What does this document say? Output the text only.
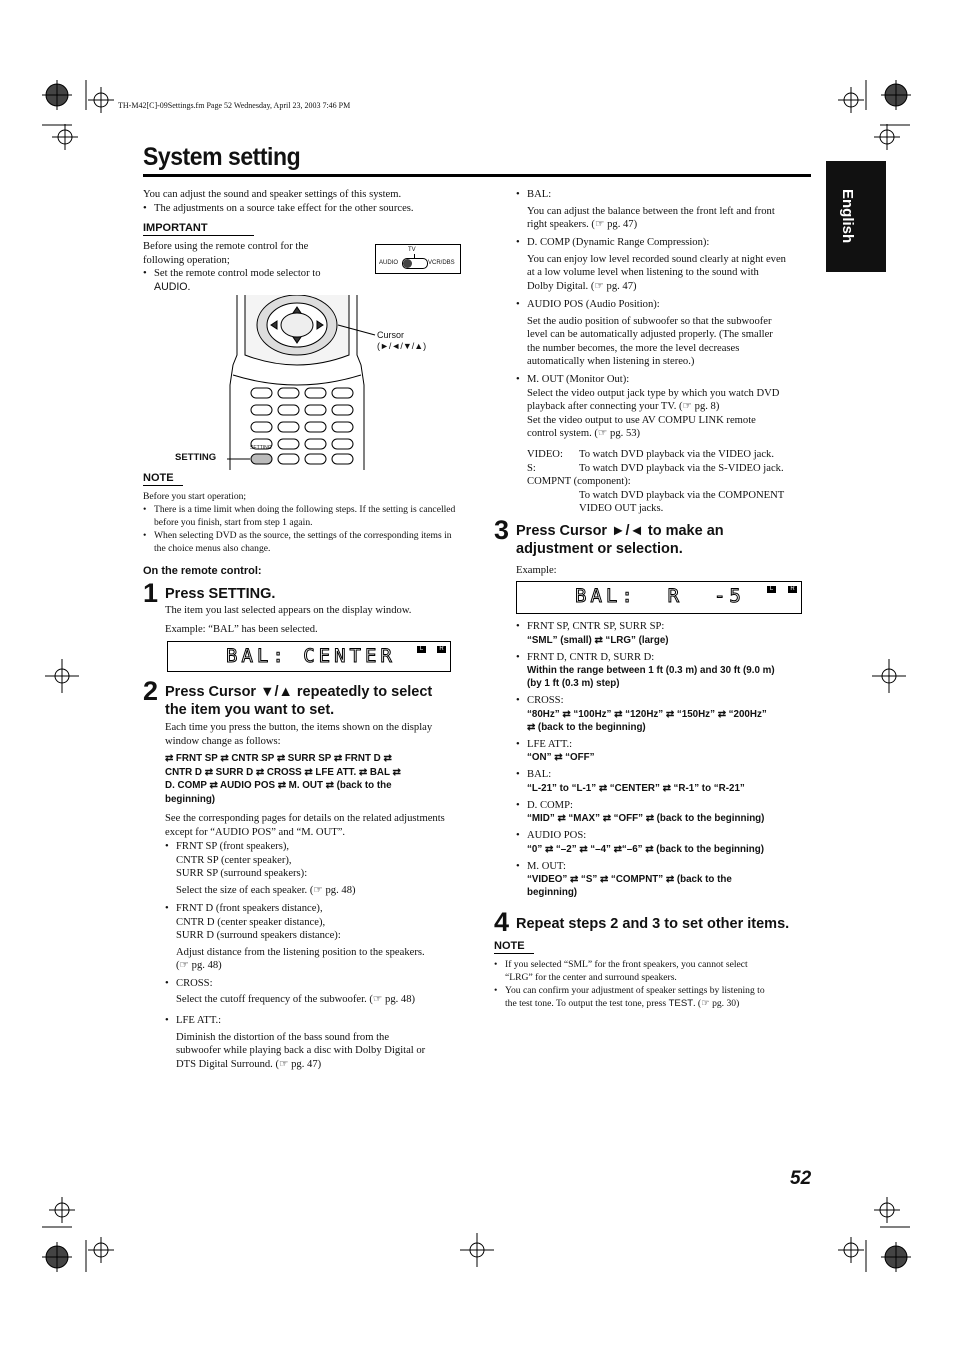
TH-M42[C]-09Settings.fm Page 52 Wednesday, April 23, 2003 7:46 PM
System setting
English
You can adjust the sound and speaker settings of this system.
• The adjustments on a source take effect for the other sources.
IMPORTANT
Before using the remote control for the following operation;
• Set the remote control mode selector to AUDIO.
TV
AUDIO	VCR/DBS
Cursor
(►/◄/▼/▲)
SETTING
SETTING
NOTE
Before you start operation;
• There is a time limit when doing the following steps. If the setting is cancelled before you finish, start from step 1 again.
• When selecting DVD as the source, the settings of the corresponding items in the choice menus also change.
On the remote control:
1 Press SETTING.
The item you last selected appears on the display window.
Example: “BAL” has been selected.
BAL: CENTER	L	R
2 Press Cursor ▼/▲ repeatedly to select
the item you want to set.
Each time you press the button, the items shown on the display window change as follows:
⇄ FRNT SP ⇄ CNTR SP ⇄ SURR SP ⇄ FRNT D ⇄
CNTR D ⇄ SURR D ⇄ CROSS ⇄ LFE ATT. ⇄ BAL ⇄
D. COMP ⇄ AUDIO POS ⇄ M. OUT ⇄ (back to the
beginning)
See the corresponding pages for details on the related adjustments except for “AUDIO POS” and “M. OUT”.
• FRNT SP (front speakers),
CNTR SP (center speaker),
SURR SP (surround speakers):
Select the size of each speaker. (☞ pg. 48)
• FRNT D (front speakers distance),
CNTR D (center speaker distance),
SURR D (surround speakers distance):
Adjust distance from the listening position to the speakers.
(☞ pg. 48)
• CROSS:
Select the cutoff frequency of the subwoofer. (☞ pg. 48)
• LFE ATT.:
Diminish the distortion of the bass sound from the
subwoofer while playing back a disc with Dolby Digital or
DTS Digital Surround. (☞ pg. 47)
• BAL:
You can adjust the balance between the front left and front
right speakers. (☞ pg. 47)
• D. COMP (Dynamic Range Compression):
You can enjoy low level recorded sound clearly at night even
at a low volume level when listening to the sound with
Dolby Digital. (☞ pg. 47)
• AUDIO POS (Audio Position):
Set the audio position of subwoofer so that the subwoofer
level can be automatically adjusted properly. (The smaller
the number becomes, the more the level decreases
automatically when listening in stereo.)
• M. OUT (Monitor Out):
Select the video output jack type by which you watch DVD
playback after connecting your TV. (☞ pg. 8)
Set the video output to use AV COMPU LINK remote
control system. (☞ pg. 53)
VIDEO:	To watch DVD playback via the VIDEO jack.
S:	To watch DVD playback via the S-VIDEO jack.
COMPNT (component):
To watch DVD playback via the COMPONENT
VIDEO OUT jacks.
3 Press Cursor ►/◄ to make an
adjustment or selection.
Example:
BAL:  R  -5	L	R
• FRNT SP, CNTR SP, SURR SP:
“SML” (small) ⇄ “LRG” (large)
• FRNT D, CNTR D, SURR D:
Within the range between 1 ft (0.3 m) and 30 ft (9.0 m)
(by 1 ft (0.3 m) step)
• CROSS:
“80Hz” ⇄ “100Hz” ⇄ “120Hz” ⇄ “150Hz” ⇄ “200Hz”
⇄ (back to the beginning)
• LFE ATT.:
“ON” ⇄ “OFF”
• BAL:
“L-21” to “L-1” ⇄ “CENTER” ⇄ “R-1” to “R-21”
• D. COMP:
“MID” ⇄ “MAX” ⇄ “OFF” ⇄ (back to the beginning)
• AUDIO POS:
“0” ⇄ “–2” ⇄ “–4” ⇄“–6” ⇄ (back to the beginning)
• M. OUT:
“VIDEO” ⇄ “S” ⇄ “COMPNT” ⇄ (back to the
beginning)
4 Repeat steps 2 and 3 to set other items.
NOTE
• If you selected “SML” for the front speakers, you cannot select
“LRG” for the center and surround speakers.
• You can confirm your adjustment of speaker settings by listening to
the test tone. To output the test tone, press TEST. (☞ pg. 30)
52
